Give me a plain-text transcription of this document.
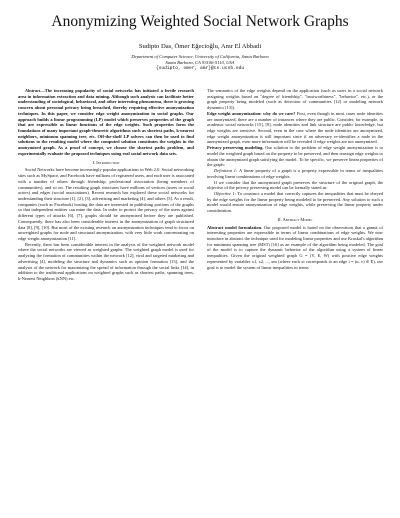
Anonymizing Weighted Social Network Graphs
Sudipto Das, Ömer Eğecioğlu, Amr El Abbadi
Department of Computer Science, University of California, Santa Barbara
Santa Barbara, CA 93106-5110, USA
{sudipto, omer, amr}@cs.ucsb.edu

Abstract—The increasing popularity of social networks has initiated a fertile research area in information extraction and data mining. Although such analysis can facilitate better understanding of sociological, behavioral, and other interesting phenomena, there is growing concern about personal privacy being breached, thereby requiring effective anonymization techniques. In this paper, we consider edge weight anonymization in social graphs. Our approach builds a linear programming (LP) model which preserves properties of the graph that are expressible as linear functions of the edge weights. Such properties form the foundations of many important graph-theoretic algorithms such as shortest paths, k-nearest neighbors, minimum spanning tree, etc. Off-the-shelf LP solvers can then be used to find solutions to the resulting model where the computed solution constitutes the weights in the anonymized graph. As a proof of concept, we choose the shortest paths problem, and experimentally evaluate the proposed techniques using real social network data sets.

I. Introduction

Social Networks have become increasingly popular applications in Web 2.0. Social networking sites such as MySpace, and Facebook have millions of registered users, and each user is associated with a number of others through friendship, professional association (being members of communities), and so on. The resulting graph structures have millions of vertices (users or social actors) and edges (social associations). Recent research has explored these social networks for understanding their structure [1], [2], [3], advertising and marketing [4], and others [5]. As a result, companies (such as Facebook) hosting the data are interested in publishing portions of the graphs so that independent entities can mine the data. In order to protect the privacy of the users against different types of attacks [6], [7], graphs should be anonymized before they are published. Consequently, there has also been considerable interest in the anonymization of graph structured data [8], [9], [10]. But most of the existing research on anonymization techniques tend to focus on unweighted graphs for node and structural anonymization, with very little work concentrating on edge weight anonymization [11].

Recently, there has been considerable interest in the analysis of the weighted network model where the social networks are viewed as weighted graphs. The weighted graph model is used for analyzing the formation of communities within the network [12], viral and targeted marketing and advertising [4], modeling the structure and dynamics such as opinion formation [13], and the analysis of the network for maximizing the spread of information through the social links [14], in addition to the traditional applications on weighted graphs such as shortest paths, spanning trees, k-Nearest Neighbors (kNN) etc.

The semantics of the edge weights depend on the application (such as users in a social network assigning weights based on "degree of friendship", "trustworthiness", "behavior", etc.), or the graph property being modeled (such as detection of communities [12] or modeling network dynamics [13]).

Edge weight anonymization: why do we care? First, even though in most cases node identities are anonymized, there are a number of instances where they are public. Consider, for example, in academic social networks [15], [9], node identities and link structure are public knowledge, but edge weights are sensitive. Second, even in the case where the node identities are anonymized, edge weight anonymization is still important since if an adversary re-identifies a node in the anonymized graph, even more information will be revealed if edge weights are not anonymized.

Privacy preserving modeling. Our solution to the problem of edge weight anonymization is to model the weighted graph based on the property to be preserved, and then reassign edge weights to obtain the anonymized graph satisfying the model. To be specific, we preserve linear properties of the graph:

Definition 1: A linear property of a graph is a property expressible in terms of inequalities involving linear combinations of edge weights.

If we consider that the anonymized graph preserves the structure of the original graph, the objective of the privacy preserving model can be formally stated as:

Objective 1: To construct a model that correctly captures the inequalities that must be obeyed by the edge weights for the linear property being modeled to be preserved. Any solution to such a model would ensure anonymization of edge weights, while preserving the linear property under consideration.

II. Abstract Model

Abstract model formulation. Our proposed model is based on the observation that a gamut of interesting properties are expressible in terms of linear combinations of edge weights. We now introduce in abstract the technique used for modeling linear properties and use Kruskal's algorithm for minimum spanning tree (MST) [16] as an example of the algorithm being modeled. The goal of the model is to capture the dynamic behavior of the algorithm using a system of linear inequalities. Given the original weighted graph G = (V, E, W) with positive edge weights represented by variables x1, x2, ..., xm (where each xi corresponds to an edge i = (u, v) ∈ E), our goal is to model the system of linear inequalities in terms
